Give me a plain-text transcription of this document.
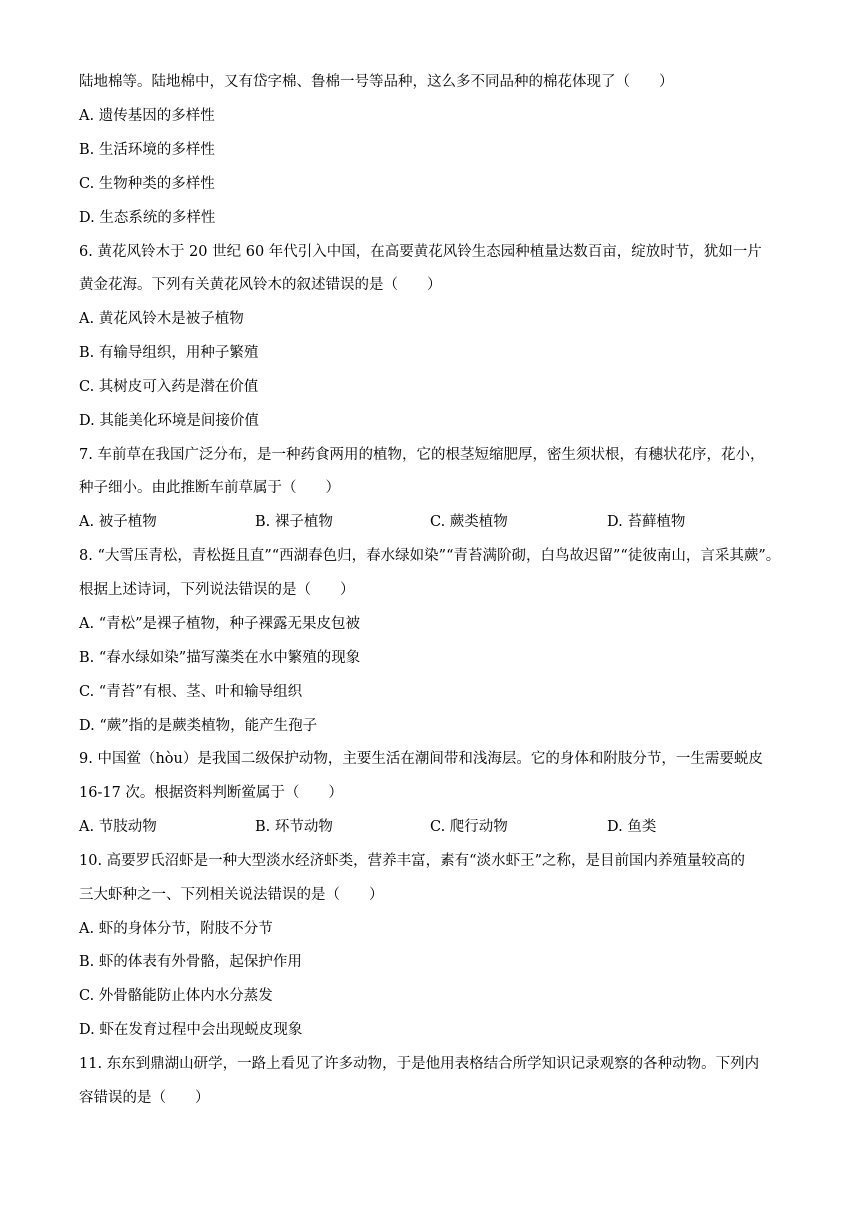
陆地棉等。陆地棉中，又有岱字棉、鲁棉一号等品种，这么多不同品种的棉花体现了（　　）
A. 遗传基因的多样性
B. 生活环境的多样性
C. 生物种类的多样性
D. 生态系统的多样性
6. 黄花风铃木于 20 世纪 60 年代引入中国，在高要黄花风铃生态园种植量达数百亩，绽放时节，犹如一片
黄金花海。下列有关黄花风铃木的叙述错误的是（　　）
A. 黄花风铃木是被子植物
B. 有输导组织，用种子繁殖
C. 其树皮可入药是潜在价值
D. 其能美化环境是间接价值
7. 车前草在我国广泛分布，是一种药食两用的植物，它的根茎短缩肥厚，密生须状根，有穗状花序，花小，
种子细小。由此推断车前草属于（　　）
A. 被子植物	B. 裸子植物	C. 蕨类植物	D. 苔藓植物
8. “大雪压青松，青松挺且直”“西湖春色归，春水绿如染”“青苔满阶砌，白鸟故迟留”“徒彼南山，言采其蕨”。
根据上述诗词，下列说法错误的是（　　）
A. “青松”是裸子植物，种子裸露无果皮包被
B. “春水绿如染”描写藻类在水中繁殖的现象
C. “青苔”有根、茎、叶和输导组织
D. “蕨”指的是蕨类植物，能产生孢子
9. 中国鲎（hòu）是我国二级保护动物，主要生活在潮间带和浅海层。它的身体和附肢分节，一生需要蜕皮
16-17 次。根据资料判断鲎属于（　　）
A. 节肢动物	B. 环节动物	C. 爬行动物	D. 鱼类
10. 高要罗氏沼虾是一种大型淡水经济虾类，营养丰富，素有“淡水虾王”之称，是目前国内养殖量较高的
三大虾种之一、下列相关说法错误的是（　　）
A. 虾的身体分节，附肢不分节
B. 虾的体表有外骨骼，起保护作用
C. 外骨骼能防止体内水分蒸发
D. 虾在发育过程中会出现蜕皮现象
11. 东东到鼎湖山研学，一路上看见了许多动物，于是他用表格结合所学知识记录观察的各种动物。下列内
容错误的是（　　）
